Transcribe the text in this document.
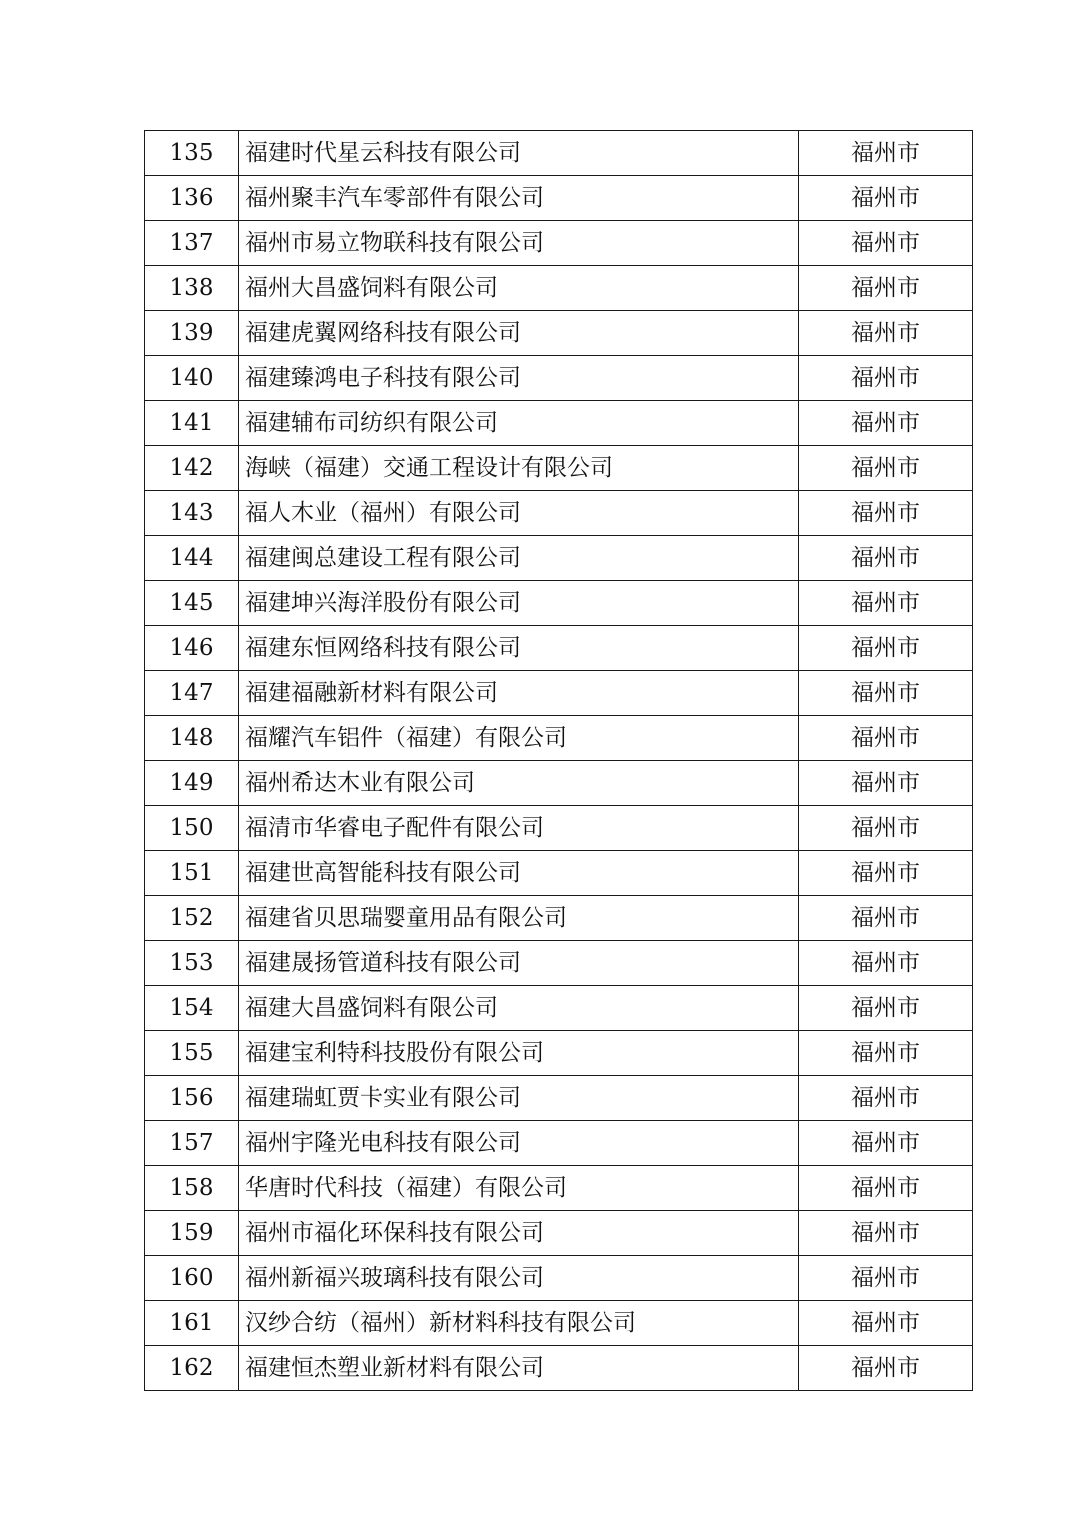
135	福建时代星云科技有限公司	福州市
136	福州聚丰汽车零部件有限公司	福州市
137	福州市易立物联科技有限公司	福州市
138	福州大昌盛饲料有限公司	福州市
139	福建虎翼网络科技有限公司	福州市
140	福建臻鸿电子科技有限公司	福州市
141	福建辅布司纺织有限公司	福州市
142	海峡（福建）交通工程设计有限公司	福州市
143	福人木业（福州）有限公司	福州市
144	福建闽总建设工程有限公司	福州市
145	福建坤兴海洋股份有限公司	福州市
146	福建东恒网络科技有限公司	福州市
147	福建福融新材料有限公司	福州市
148	福耀汽车铝件（福建）有限公司	福州市
149	福州希达木业有限公司	福州市
150	福清市华睿电子配件有限公司	福州市
151	福建世高智能科技有限公司	福州市
152	福建省贝思瑞婴童用品有限公司	福州市
153	福建晟扬管道科技有限公司	福州市
154	福建大昌盛饲料有限公司	福州市
155	福建宝利特科技股份有限公司	福州市
156	福建瑞虹贾卡实业有限公司	福州市
157	福州宇隆光电科技有限公司	福州市
158	华唐时代科技（福建）有限公司	福州市
159	福州市福化环保科技有限公司	福州市
160	福州新福兴玻璃科技有限公司	福州市
161	汉纱合纺（福州）新材料科技有限公司	福州市
162	福建恒杰塑业新材料有限公司	福州市
